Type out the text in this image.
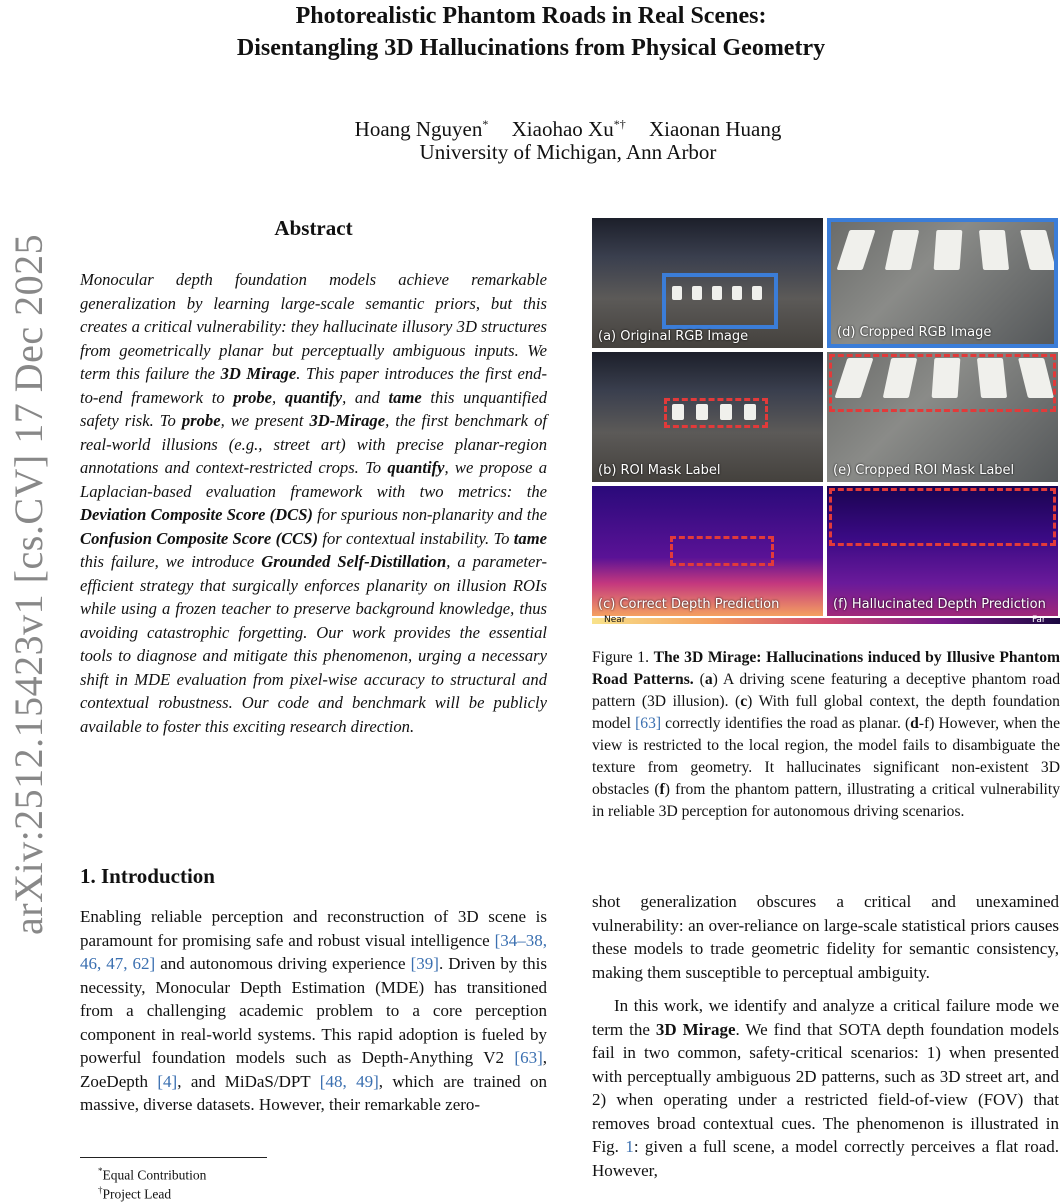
Photorealistic Phantom Roads in Real Scenes:
Disentangling 3D Hallucinations from Physical Geometry
Hoang Nguyen* Xiaohao Xu*† Xiaonan Huang
University of Michigan, Ann Arbor
arXiv:2512.15423v1 [cs.CV] 17 Dec 2025
Abstract

Monocular depth foundation models achieve remarkable generalization by learning large-scale semantic priors, but this creates a critical vulnerability: they hallucinate illusory 3D structures from geometrically planar but perceptually ambiguous inputs. We term this failure the 3D Mirage. This paper introduces the first end-to-end framework to probe, quantify, and tame this unquantified safety risk. To probe, we present 3D-Mirage, the first benchmark of real-world illusions (e.g., street art) with precise planar-region annotations and context-restricted crops. To quantify, we propose a Laplacian-based evaluation framework with two metrics: the Deviation Composite Score (DCS) for spurious non-planarity and the Confusion Composite Score (CCS) for contextual instability. To tame this failure, we introduce Grounded Self-Distillation, a parameter-efficient strategy that surgically enforces planarity on illusion ROIs while using a frozen teacher to preserve background knowledge, thus avoiding catastrophic forgetting. Our work provides the essential tools to diagnose and mitigate this phenomenon, urging a necessary shift in MDE evaluation from pixel-wise accuracy to structural and contextual robustness. Our code and benchmark will be publicly available to foster this exciting research direction.

1. Introduction

Enabling reliable perception and reconstruction of 3D scene is paramount for promising safe and robust visual intelligence [34–38, 46, 47, 62] and autonomous driving experience [39]. Driven by this necessity, Monocular Depth Estimation (MDE) has transitioned from a challenging academic problem to a core perception component in real-world systems. This rapid adoption is fueled by powerful foundation models such as Depth-Anything V2 [63], ZoeDepth [4], and MiDaS/DPT [48, 49], which are trained on massive, diverse datasets. However, their remarkable zero-

*Equal Contribution
†Project Lead
(a) Original RGB Image	(d) Cropped RGB Image
(b) ROI Mask Label	(e) Cropped ROI Mask Label
(c) Correct Depth Prediction	(f) Hallucinated Depth Prediction
Near	Far

Figure 1. The 3D Mirage: Hallucinations induced by Illusive Phantom Road Patterns. (a) A driving scene featuring a deceptive phantom road pattern (3D illusion). (c) With full global context, the depth foundation model [63] correctly identifies the road as planar. (d-f) However, when the view is restricted to the local region, the model fails to disambiguate the texture from geometry. It hallucinates significant non-existent 3D obstacles (f) from the phantom pattern, illustrating a critical vulnerability in reliable 3D perception for autonomous driving scenarios.

shot generalization obscures a critical and unexamined vulnerability: an over-reliance on large-scale statistical priors causes these models to trade geometric fidelity for semantic consistency, making them susceptible to perceptual ambiguity.

In this work, we identify and analyze a critical failure mode we term the 3D Mirage. We find that SOTA depth foundation models fail in two common, safety-critical scenarios: 1) when presented with perceptually ambiguous 2D patterns, such as 3D street art, and 2) when operating under a restricted field-of-view (FOV) that removes broad contextual cues. The phenomenon is illustrated in Fig. 1: given a full scene, a model correctly perceives a flat road. However,
